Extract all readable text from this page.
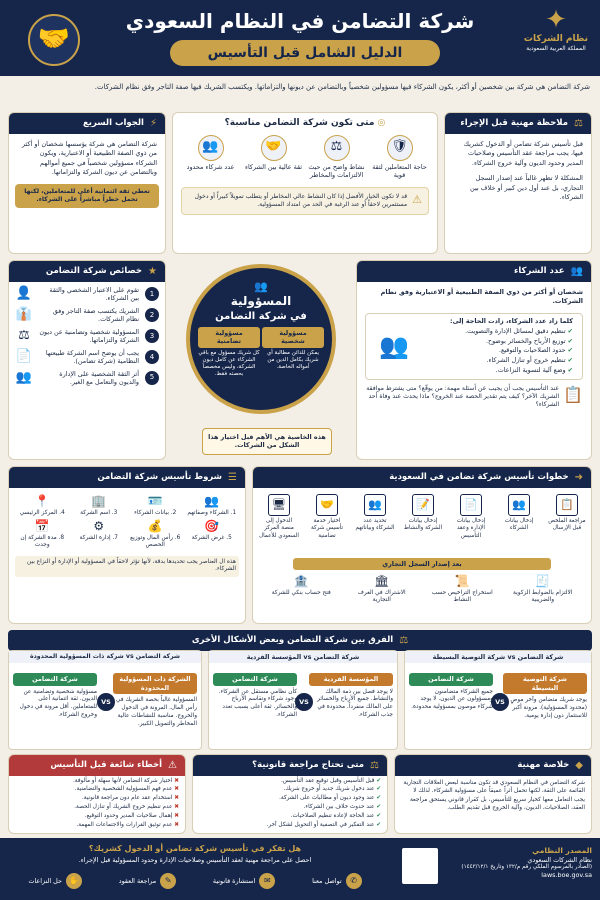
✦
نظام الشركات
المملكة العربية السعودية
شركة التضامن في النظام السعودي
الدليل الشامل قبل التأسيس
🤝
شركة التضامن هي شركة بين شخصين أو أكثر، يكون الشركاء فيها مسؤولين شخصياً وبالتضامن عن ديونها والتزاماتها. ويكتسب الشريك فيها صفة التاجر وفق نظام الشركات.
⚖
ملاحظة مهنية قبل الإجراء
قبل تأسيس شركة تضامن أو الدخول كشريك فيها، يجب مراجعة عقد التأسيس وصلاحيات المدير وحدود الديون وآلية خروج الشركاء.
المشكلة لا تظهر غالباً عند إصدار السجل التجاري، بل عند أول دين كبير أو خلاف بين الشركاء.
◎ متى تكون شركة التضامن مناسبة؟
🛡
حاجة المتعاملين لثقة قوية
⚖
نشاط واضح من حيث الالتزامات والمخاطر
🤝
ثقة عالية بين الشركاء
👥
عدد شركاء محدود
⚠
قد لا تكون الخيار الأفضل إذا كان النشاط عالي المخاطر أو يتطلب تمويلاً كبيراً أو دخول مستثمرين لاحقاً أو عند الرغبة في الحد من امتداد المسؤولية.
⚡
الجواب السريع
شركة التضامن هي شركة يؤسسها شخصان أو أكثر من ذوي الصفة الطبيعية أو الاعتبارية، ويكون الشركاء مسؤولين شخصياً في جميع أموالهم وبالتضامن عن ديون الشركة والتزاماتها.
تعطي ثقة ائتمانية أعلى للمتعاملين، لكنها تحمل خطراً مباشراً على الشركاء.
★
خصائص شركة التضامن
1
تقوم على الاعتبار الشخصي والثقة بين الشركاء.
👤
2
الشريك يكتسب صفة التاجر وفق نظام الشركات.
👔
3
المسؤولية شخصية وتضامنية عن ديون الشركة والتزاماتها.
⚖
4
يجب أن يوضح اسم الشركة طبيعتها النظامية (شركة تضامن).
📄
5
أثر الثقة الشخصية على الإدارة والديون والتعامل مع الغير.
👥
👥
المسؤولية
في شركة التضامن
مسؤولية شخصية
يمكن للدائن مطالبة أي شريك بكامل الدين من أمواله الخاصة.
مسؤولية تضامنية
كل شريك مسؤول مع باقي الشركاء عن كامل ديون الشركة، وليس مخصصاً بحصته فقط.
هذه الخاصية هي الأهم قبل اختيار هذا الشكل من الشركات.
👥
عدد الشركاء
شخصان أو أكثر من ذوي الصفة الطبيعية أو الاعتبارية وفق نظام الشركات.
كلما زاد عدد الشركاء، زادت الحاجة إلى:
✔ تنظيم دقيق لمسائل الإدارة والتصويت.
✔ توزيع الأرباح والخسائر بوضوح.
✔ حدود الصلاحيات والتوقيع.
✔ تنظيم خروج أو تنازل الشركاء.
✔ وضع آلية لتسوية النزاعات.
👥
📋
عند التأسيس يجب أن يجيب عن أسئلة مهمة: من يوقّع؟ متى يشترط موافقة الشريك الآخر؟ كيف يتم تقدير الحصة عند الخروج؟ ماذا يحدث عند وفاة أحد الشركاء؟
☰
شروط تأسيس شركة التضامن
👥
1. الشركاء وصفاتهم
🪪
2. بيانات الشركاء
🏢
3. اسم الشركة
📍
4. المركز الرئيسي
🎯
5. غرض الشركة
💰
6. رأس المال وتوزيع الحصص
⚙
7. إدارة الشركة
📅
8. مدة الشركة إن وجدت
هذه ال العناصر يجب تحديدها بدقة، لأنها تؤثر لاحقاً في المسؤولية أو الإدارة أو النزاع بين الشركاء.
➜
خطوات تأسيس شركة تضامن في السعودية
📋
مراجعة الملخص قبل الإرسال
👥
إدخال بيانات الشركاء
📄
إدخال بيانات الإدارة وعقد التأسيس
📝
إدخال بيانات الشركة والنشاط
👥
تحديد عدد الشركاء وبياناتهم
🤝
اختيار خدمة تأسيس شركة تضامنية
🖥
الدخول إلى منصة المركز السعودي للأعمال
بعد إصدار السجل التجاري
🧾
الالتزام بالضوابط الزكوية والضريبية
📜
استخراج التراخيص حسب النشاط
🏛
الاشتراك في الغرف التجارية
🏦
فتح حساب بنكي للشركة
⚖
الفرق بين شركة التضامن وبعض الأشكال الأخرى
شركة التضامن vs شركة التوصية البسيطة
شركة التوصية البسيطة
يوجد شريك متضامن وآخر موصٍ (محدود المسؤولية). مرونة أكبر للاستثمار دون إدارة يومية.
VS
شركة التضامن
جميع الشركاء متضامنون ومسؤولون عن الديون. لا يوجد شركاء موصون بمسؤولية محدودة.
شركة التضامن vs المؤسسة الفردية
المؤسسة الفردية
لا يوجد فصل بين ذمة المالك والنشاط. جميع الأرباح والخسائر على المالك منفرداً. محدودة في جذب الشركاء.
VS
شركة التضامن
كأن نظامي مستقل عن الشركاء. وجود شركاء وتقاسم الأرباح والخسائر. ثقة أعلى بسبب تعدد الشركاء.
شركة التضامن vs شركة ذات المسؤولية المحدودة
الشركة ذات المسؤولية المحدودة
المسؤولية غالباً بحصة الشريك في رأس المال. المرونة في الدخول والخروج. مناسبة للنشاطات عالية المخاطر والتمويل الكبير.
VS
شركة التضامن
مسؤولية شخصية وتضامنية عن الديون. ثقة ائتمانية أعلى للمتعاملين. أقل مرونة في دخول وخروج الشركاء.
⚠
أخطاء شائعة قبل التأسيس
✖ اختيار شركة التضامن لأنها سهلة أو مألوفة.
✖ عدم فهم المسؤولية الشخصية والتضامنية.
✖ استخدام عقد عام دون مراجعة قانونية.
✖ عدم تنظيم خروج الشريك أو تنازل الحصة.
✖ إهمال صلاحيات المدير وحدود التوقيع.
✖ عدم توثيق القرارات والاجتماعات المهمة.
⚖
متى تحتاج مراجعة قانونية؟
✔ قبل التأسيس وقبل توقيع عقد التأسيس.
✔ عند دخول شريك جديد أو خروج شريك.
✔ عند وجود ديون أو مطالبات على الشركة.
✔ عند حدوث خلاف بين الشركاء.
✔ عند الحاجة لإعادة تنظيم الصلاحيات.
✔ عند التفكير في التصفية أو التحويل لشكل آخر.
◆
خلاصة مهنية
شركة التضامن في النظام السعودي قد تكون مناسبة لبعض العلاقات التجارية القائمة على الثقة، لكنها تحمل أثراً عميقاً على مسؤولية الشركاء. لذلك لا يجب التعامل معها كخيار سريع للتأسيس، بل كقرار قانوني يستحق مراجعة العقد، الصلاحيات، الديون، وآلية الخروج قبل تقديم الطلب.
المصدر النظامي
نظام الشركات السعودي
(الصادر بالمرسوم الملكي رقم م/١٣٢ وتاريخ ١٤٤٣/١٢/١)
laws.boe.gov.sa
هل تفكر في تأسيس شركة تضامن أو الدخول كشريك؟
احصل على مراجعة مهنية لعقد التأسيس وصلاحيات الإدارة وحدود المسؤولية قبل الإجراء.
✆
تواصل معنا
✉
استشارة قانونية
✎
مراجعة العقود
✋
حل النزاعات
